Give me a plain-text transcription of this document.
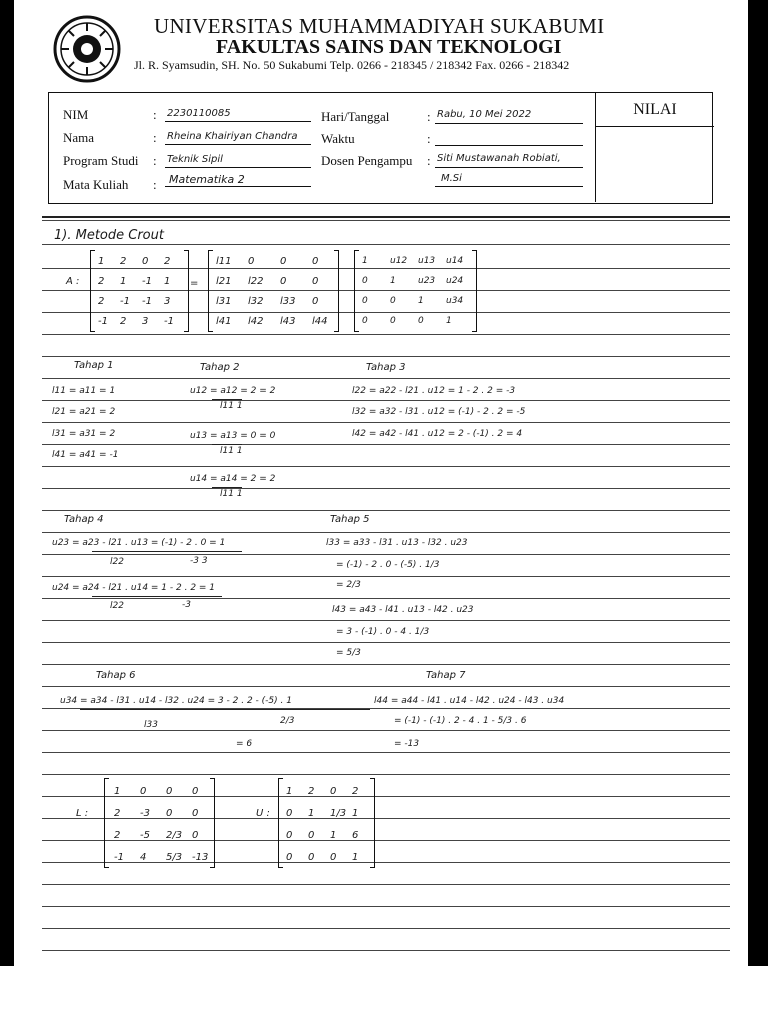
UNIVERSITAS MUHAMMADIYAH SUKABUMI
FAKULTAS SAINS DAN TEKNOLOGI
Jl. R. Syamsudin, SH. No. 50 Sukabumi Telp. 0266 - 218345 / 218342 Fax. 0266 - 218342
NIM	: 2230110085
Nama	: Rheina Khairiyan Chandra
Program Studi : Teknik Sipil
Mata Kuliah : Matematika 2
Hari/Tanggal	: Rabu, 10 Mei 2022
Waktu	:
Dosen Pengampu : Siti Mustawanah Robiati,
M.Si
NILAI
1). Metode Crout
A :
1 2 0 2
2 1 -1 1
2 -1 -1 3
-1 2 3 -1
=
l11 0	0	0
l21 l22 0	0
l31 l32 l33 0
l41 l42 l43 l44
1 u12 u13 u14
0 1 u23 u24
0 0 1 u34
0 0 0 1
Tahap 1
l11 = a11 = 1
l21 = a21 = 2
l31 = a31 = 2
l41 = a41 = -1
Tahap 2
u12 = a12 = 2 = 2
l11 1
u13 = a13 = 0 = 0
l11 1
u14 = a14 = 2 = 2
l11 1
Tahap 3
l22 = a22 - l21 . u12 = 1 - 2 . 2 = -3
l32 = a32 - l31 . u12 = (-1) - 2 . 2 = -5
l42 = a42 - l41 . u12 = 2 - (-1) . 2 = 4
Tahap 4
u23 = a23 - l21 . u13 = (-1) - 2 . 0 = 1
l22	-3 3
u24 = a24 - l21 . u14 = 1 - 2 . 2 = 1
l22	-3
Tahap 5
l33 = a33 - l31 . u13 - l32 . u23
= (-1) - 2 . 0 - (-5) . 1/3
= 2/3
l43 = a43 - l41 . u13 - l42 . u23
= 3 - (-1) . 0 - 4 . 1/3
= 5/3
Tahap 6
u34 = a34 - l31 . u14 - l32 . u24 = 3 - 2 . 2 - (-5) . 1
l33	2/3
= 6
Tahap 7
l44 = a44 - l41 . u14 - l42 . u24 - l43 . u34
= (-1) - (-1) . 2 - 4 . 1 - 5/3 . 6
= -13
L :
1 0 0 0
2 -3 0 0
2 -5 2/3 0
-1 4 5/3 -13
U :
1 2 0 2
0 1 1/3 1
0 0 1 6
0 0 0 1
